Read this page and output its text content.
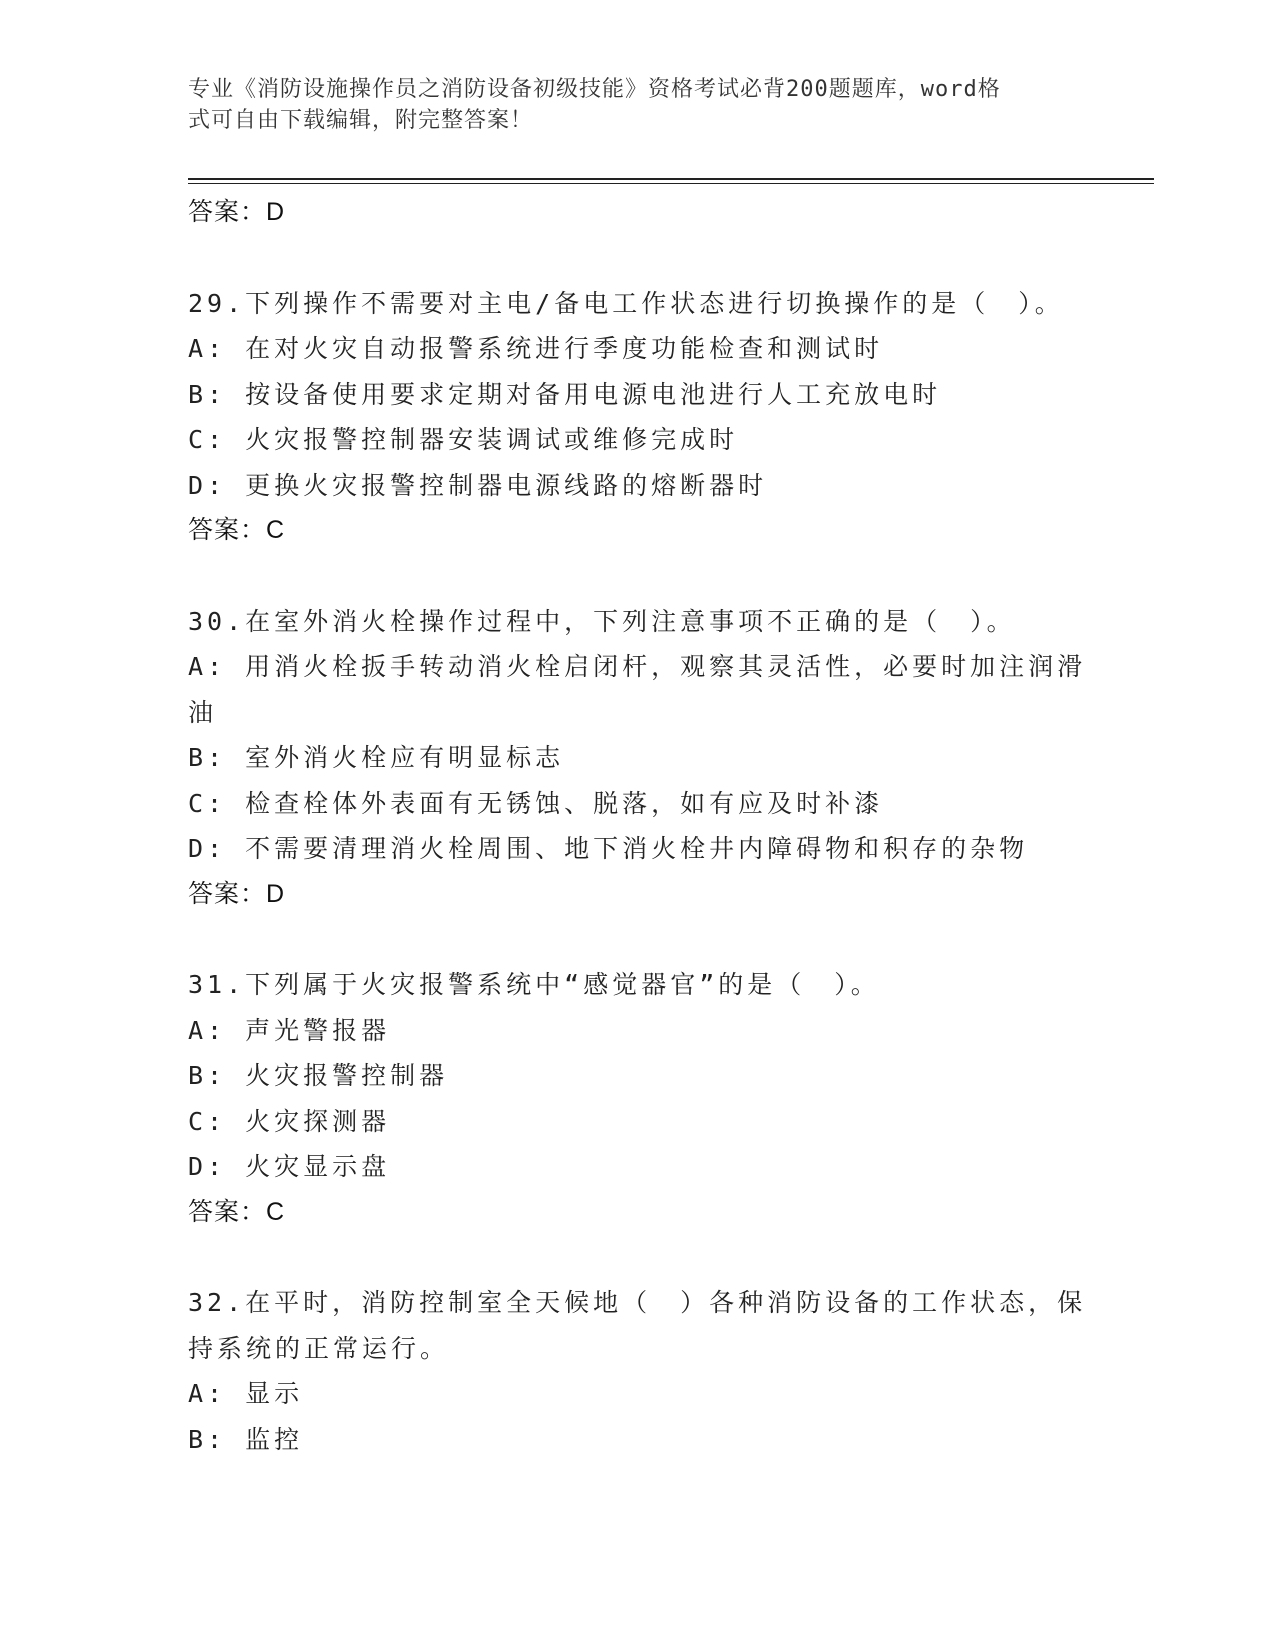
专业《消防设施操作员之消防设备初级技能》资格考试必背200题题库，word格
式可自由下载编辑，附完整答案！
答案：D
29.下列操作不需要对主电/备电工作状态进行切换操作的是（　）。
A: 在对火灾自动报警系统进行季度功能检查和测试时
B: 按设备使用要求定期对备用电源电池进行人工充放电时
C: 火灾报警控制器安装调试或维修完成时
D: 更换火灾报警控制器电源线路的熔断器时
答案：C
30.在室外消火栓操作过程中，下列注意事项不正确的是（　）。
A: 用消火栓扳手转动消火栓启闭杆，观察其灵活性，必要时加注润滑
油
B: 室外消火栓应有明显标志
C: 检查栓体外表面有无锈蚀、脱落，如有应及时补漆
D: 不需要清理消火栓周围、地下消火栓井内障碍物和积存的杂物
答案：D
31.下列属于火灾报警系统中“感觉器官”的是（　）。
A: 声光警报器
B: 火灾报警控制器
C: 火灾探测器
D: 火灾显示盘
答案：C
32.在平时，消防控制室全天候地（　）各种消防设备的工作状态，保
持系统的正常运行。
A: 显示
B: 监控
